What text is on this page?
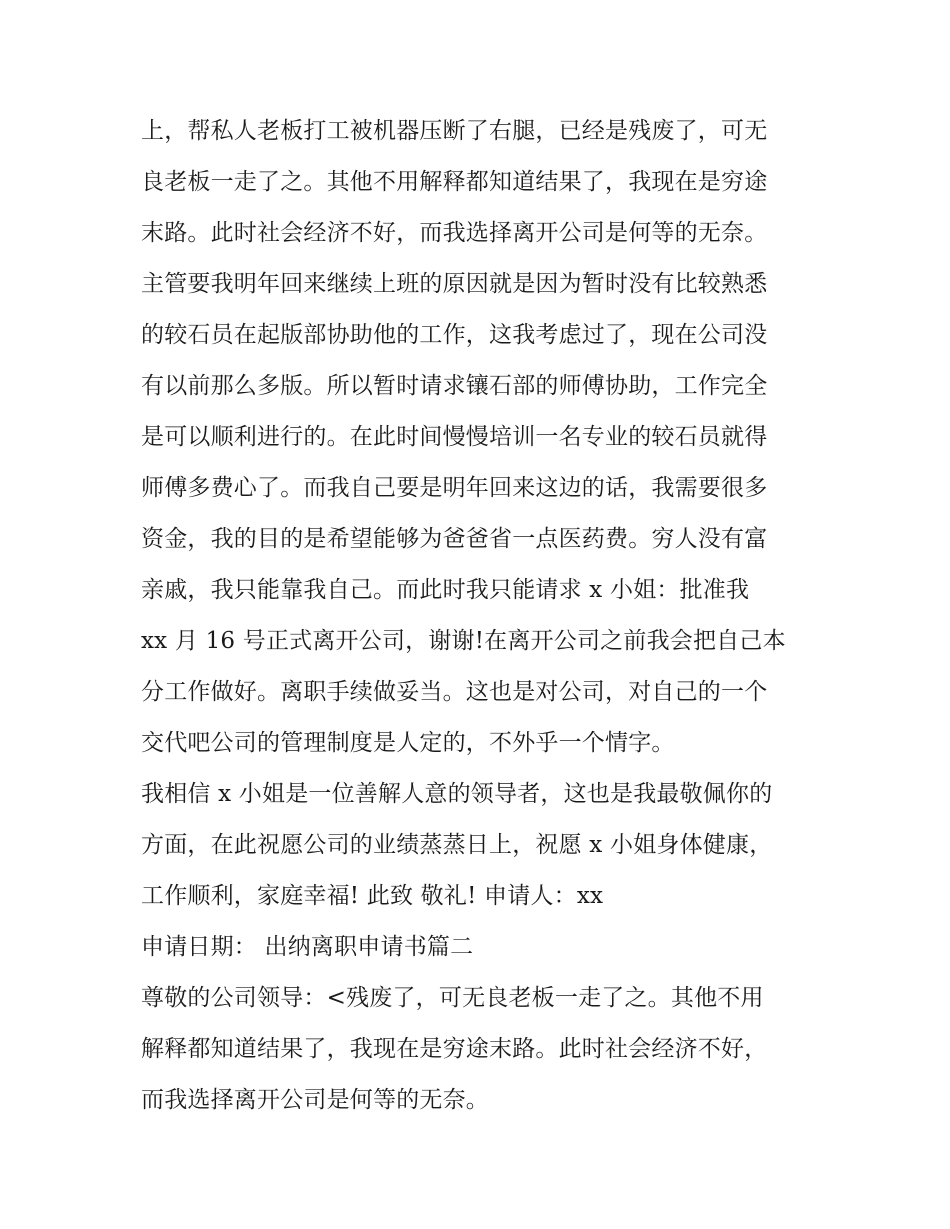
上，帮私人老板打工被机器压断了右腿，已经是残废了，可无
良老板一走了之。其他不用解释都知道结果了，我现在是穷途
末路。此时社会经济不好，而我选择离开公司是何等的无奈。
主管要我明年回来继续上班的原因就是因为暂时没有比较熟悉
的较石员在起版部协助他的工作，这我考虑过了，现在公司没
有以前那么多版。所以暂时请求镶石部的师傅协助，工作完全
是可以顺利进行的。在此时间慢慢培训一名专业的较石员就得
师傅多费心了。而我自己要是明年回来这边的话，我需要很多
资金，我的目的是希望能够为爸爸省一点医药费。穷人没有富
亲戚，我只能靠我自己。而此时我只能请求 x 小姐：批准我
xx 月 16 号正式离开公司，谢谢!在离开公司之前我会把自己本
分工作做好。离职手续做妥当。这也是对公司，对自己的一个
交代吧公司的管理制度是人定的，不外乎一个情字。
我相信 x 小姐是一位善解人意的领导者，这也是我最敬佩你的
方面，在此祝愿公司的业绩蒸蒸日上，祝愿 x 小姐身体健康，
工作顺利，家庭幸福! 此致 敬礼! 申请人：xx
申请日期： 出纳离职申请书篇二
尊敬的公司领导：<残废了，可无良老板一走了之。其他不用
解释都知道结果了，我现在是穷途末路。此时社会经济不好，
而我选择离开公司是何等的无奈。
